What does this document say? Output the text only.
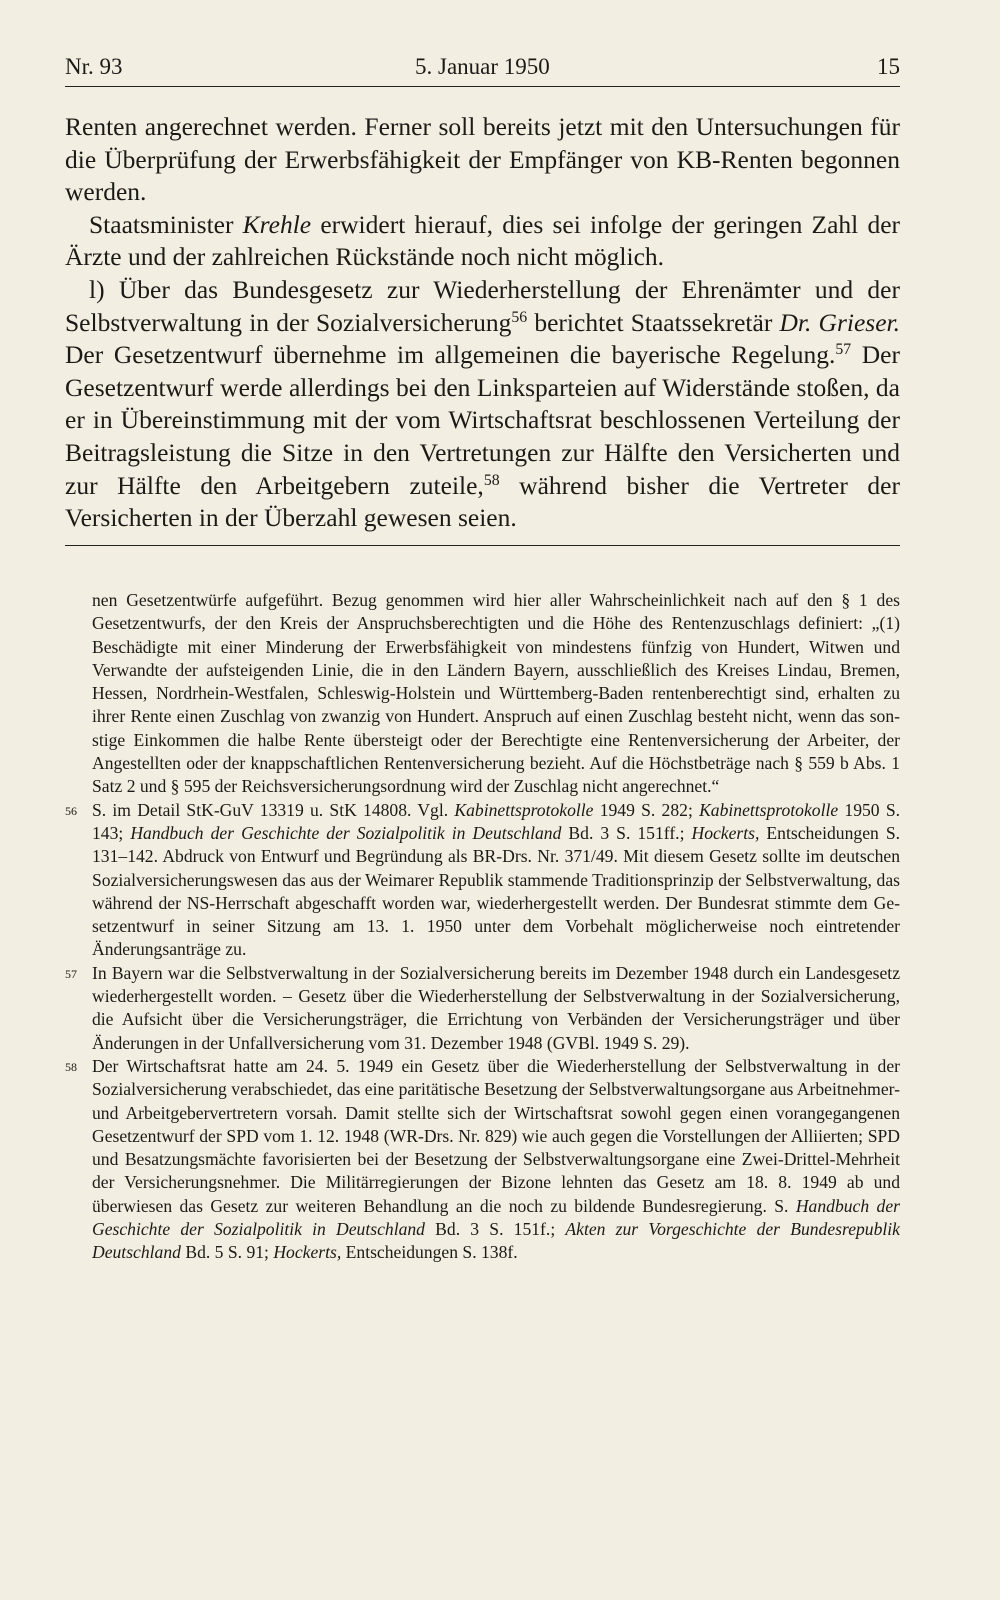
Nr. 93	5. Januar 1950	15

Renten angerechnet werden. Ferner soll bereits jetzt mit den Untersuchungen für die Überprüfung der Erwerbsfähigkeit der Empfänger von KB-Renten begonnen werden.

Staatsminister Krehle erwidert hierauf, dies sei infolge der geringen Zahl der Ärzte und der zahlreichen Rückstände noch nicht möglich.

l) Über das Bundesgesetz zur Wiederherstellung der Ehrenämter und der Selbstverwaltung in der Sozialversicherung$^{56}$ berichtet Staatssekretär Dr. Grieser. Der Gesetzentwurf übernehme im allgemeinen die bayerische Regelung.$^{57}$ Der Gesetzentwurf werde allerdings bei den Linksparteien auf Widerstände stoßen, da er in Übereinstimmung mit der vom Wirtschaftsrat beschlossenen Verteilung der Beitragsleistung die Sitze in den Vertretungen zur Hälfte den Versicherten und zur Hälfte den Arbeitgebern zuteile,$^{58}$ während bisher die Vertreter der Versicherten in der Überzahl gewesen seien.

nen Gesetzentwürfe aufgeführt. Bezug genommen wird hier aller Wahrscheinlichkeit nach auf den § 1 des Gesetzentwurfs, der den Kreis der Anspruchsberechtigten und die Höhe des Rentenzuschlags definiert: „(1) Beschädigte mit einer Minderung der Erwerbsfähigkeit von mindestens fünfzig von Hundert, Witwen und Verwandte der aufsteigenden Linie, die in den Ländern Bayern, ausschließlich des Kreises Lindau, Bremen, Hessen, Nordrhein-Westfalen, Schleswig-Holstein und Württemberg-Baden rentenberechtigt sind, erhalten zu ihrer Rente einen Zuschlag von zwanzig von Hundert. Anspruch auf einen Zuschlag besteht nicht, wenn das sonstige Einkommen die halbe Rente übersteigt oder der Berechtigte eine Rentenversicherung der Arbeiter, der Angestellten oder der knappschaftlichen Rentenversicherung bezieht. Auf die Höchstbeträge nach § 559 b Abs. 1 Satz 2 und § 595 der Reichsversicherungsordnung wird der Zuschlag nicht angerechnet.“

56 S. im Detail StK-GuV 13319 u. StK 14808. Vgl. Kabinettsprotokolle 1949 S. 282; Kabinettsprotokolle 1950 S. 143; Handbuch der Geschichte der Sozialpolitik in Deutschland Bd. 3 S. 151ff.; Hockerts, Entscheidungen S. 131–142. Abdruck von Entwurf und Begründung als BR-Drs. Nr. 371/49. Mit diesem Gesetz sollte im deutschen Sozialversicherungswesen das aus der Weimarer Republik stammende Traditionsprinzip der Selbstverwaltung, das während der NS-Herrschaft abgeschafft worden war, wiederhergestellt werden. Der Bundesrat stimmte dem Gesetzentwurf in seiner Sitzung am 13. 1. 1950 unter dem Vorbehalt möglicherweise noch eintretender Änderungsanträge zu.

57 In Bayern war die Selbstverwaltung in der Sozialversicherung bereits im Dezember 1948 durch ein Landesgesetz wiederhergestellt worden. – Gesetz über die Wiederherstellung der Selbstverwaltung in der Sozialversicherung, die Aufsicht über die Versicherungsträger, die Errichtung von Verbänden der Versicherungsträger und über Änderungen in der Unfallversicherung vom 31. Dezember 1948 (GVBl. 1949 S. 29).

58 Der Wirtschaftsrat hatte am 24. 5. 1949 ein Gesetz über die Wiederherstellung der Selbstverwaltung in der Sozialversicherung verabschiedet, das eine paritätische Besetzung der Selbstverwaltungsorgane aus Arbeitnehmer- und Arbeitgebervertretern vorsah. Damit stellte sich der Wirtschaftsrat sowohl gegen einen vorangegangenen Gesetzentwurf der SPD vom 1. 12. 1948 (WR-Drs. Nr. 829) wie auch gegen die Vorstellungen der Alliierten; SPD und Besatzungsmächte favorisierten bei der Besetzung der Selbstverwaltungsorgane eine Zwei-Drittel-Mehrheit der Versicherungsnehmer. Die Militärregierungen der Bizone lehnten das Gesetz am 18. 8. 1949 ab und überwiesen das Gesetz zur weiteren Behandlung an die noch zu bildende Bundesregierung. S. Handbuch der Geschichte der Sozialpolitik in Deutschland Bd. 3 S. 151f.; Akten zur Vorgeschichte der Bundesrepublik Deutschland Bd. 5 S. 91; Hockerts, Entscheidungen S. 138f.
